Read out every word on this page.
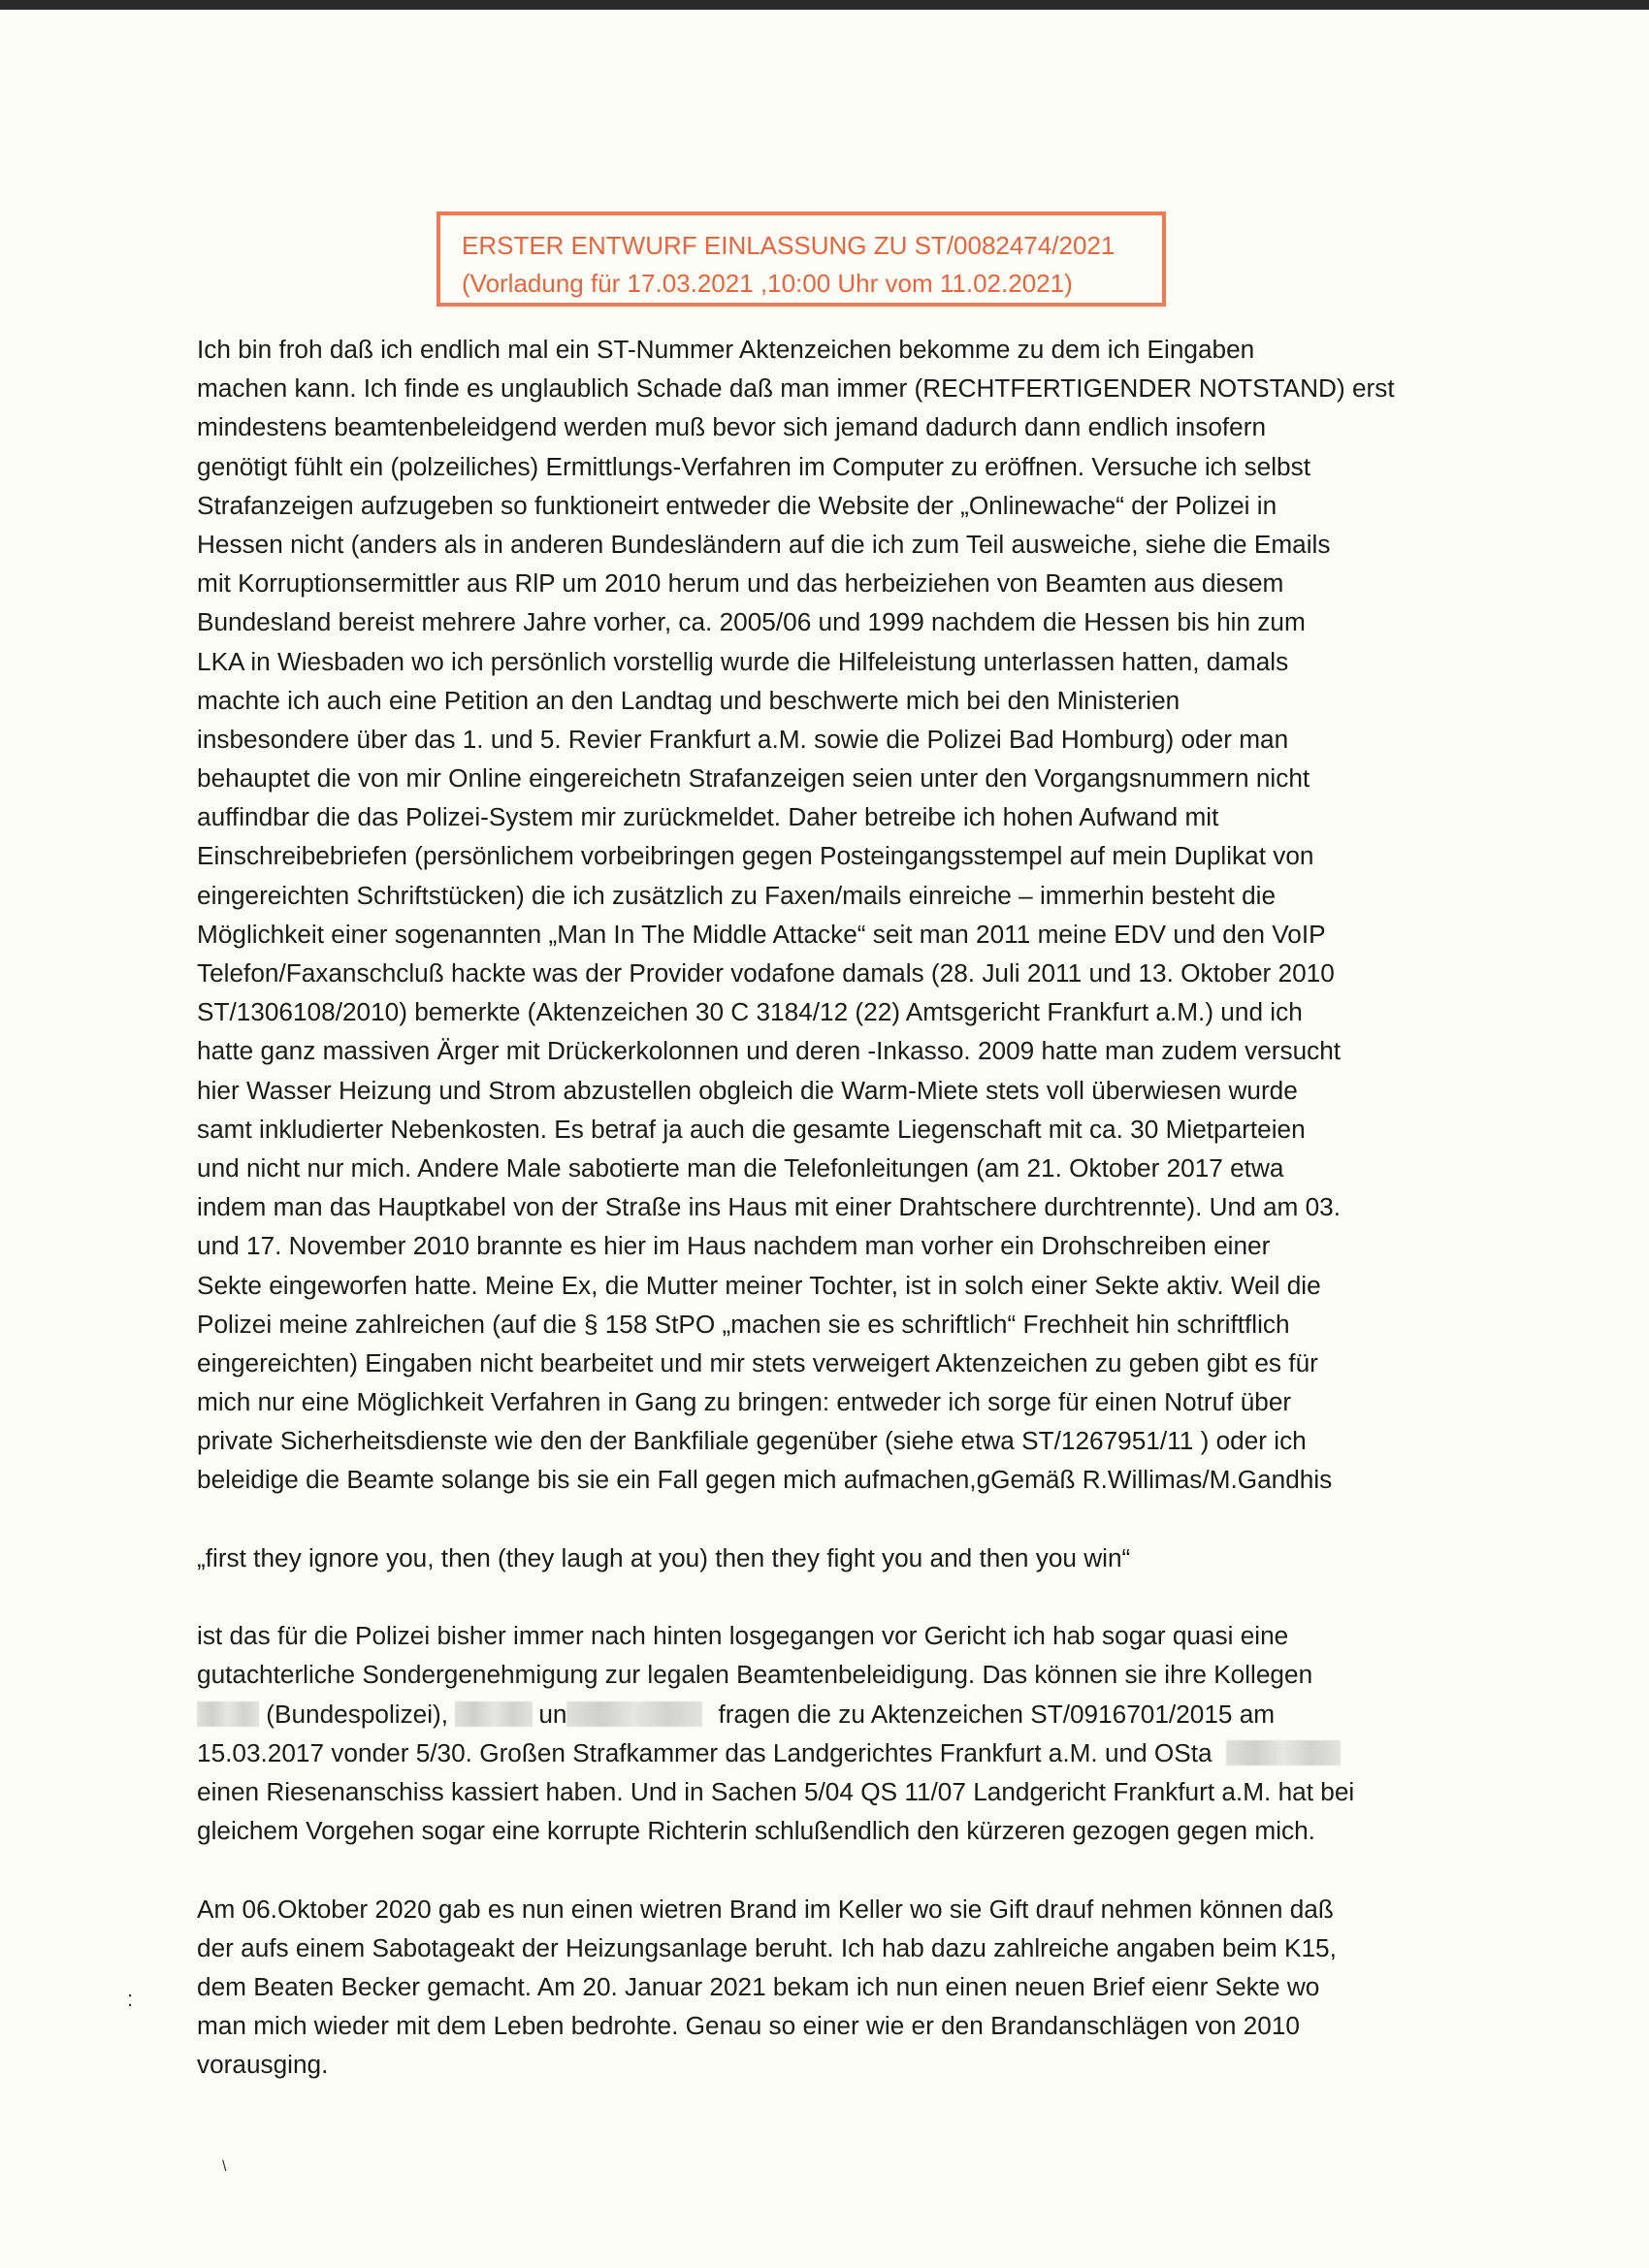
ERSTER ENTWURF EINLASSUNG ZU ST/0082474/2021
(Vorladung für 17.03.2021 ,10:00 Uhr vom 11.02.2021)
Ich bin froh daß ich endlich mal ein ST-Nummer Aktenzeichen bekomme zu dem ich Eingaben
machen kann. Ich finde es unglaublich Schade daß man immer (RECHTFERTIGENDER NOTSTAND) erst
mindestens beamtenbeleidgend werden muß bevor sich jemand dadurch dann endlich insofern
genötigt fühlt ein (polzeiliches) Ermittlungs-Verfahren im Computer zu eröffnen. Versuche ich selbst
Strafanzeigen aufzugeben so funktioneirt entweder die Website der „Onlinewache“ der Polizei in
Hessen nicht (anders als in anderen Bundesländern auf die ich zum Teil ausweiche, siehe die Emails
mit Korruptionsermittler aus RlP um 2010 herum und das herbeiziehen von Beamten aus diesem
Bundesland bereist mehrere Jahre vorher, ca. 2005/06 und 1999 nachdem die Hessen bis hin zum
LKA in Wiesbaden wo ich persönlich vorstellig wurde die Hilfeleistung unterlassen hatten, damals
machte ich auch eine Petition an den Landtag und beschwerte mich bei den Ministerien
insbesondere über das 1. und 5. Revier Frankfurt a.M. sowie die Polizei Bad Homburg) oder man
behauptet die von mir Online eingereichetn Strafanzeigen seien unter den Vorgangsnummern nicht
auffindbar die das Polizei-System mir zurückmeldet. Daher betreibe ich hohen Aufwand mit
Einschreibebriefen (persönlichem vorbeibringen gegen Posteingangsstempel auf mein Duplikat von
eingereichten Schriftstücken) die ich zusätzlich zu Faxen/mails einreiche – immerhin besteht die
Möglichkeit einer sogenannten „Man In The Middle Attacke“ seit man 2011 meine EDV und den VoIP
Telefon/Faxanschcluß hackte was der Provider vodafone damals (28. Juli 2011 und 13. Oktober 2010
ST/1306108/2010) bemerkte (Aktenzeichen 30 C 3184/12 (22) Amtsgericht Frankfurt a.M.) und ich
hatte ganz massiven Ärger mit Drückerkolonnen und deren -Inkasso. 2009 hatte man zudem versucht
hier Wasser Heizung und Strom abzustellen obgleich die Warm-Miete stets voll überwiesen wurde
samt inkludierter Nebenkosten. Es betraf ja auch die gesamte Liegenschaft mit ca. 30 Mietparteien
und nicht nur mich. Andere Male sabotierte man die Telefonleitungen (am 21. Oktober 2017 etwa
indem man das Hauptkabel von der Straße ins Haus mit einer Drahtschere durchtrennte). Und am 03.
und 17. November 2010 brannte es hier im Haus nachdem man vorher ein Drohschreiben einer
Sekte eingeworfen hatte. Meine Ex, die Mutter meiner Tochter, ist in solch einer Sekte aktiv. Weil die
Polizei meine zahlreichen (auf die § 158 StPO „machen sie es schriftlich“ Frechheit hin schriftflich
eingereichten) Eingaben nicht bearbeitet und mir stets verweigert Aktenzeichen zu geben gibt es für
mich nur eine Möglichkeit Verfahren in Gang zu bringen: entweder ich sorge für einen Notruf über
private Sicherheitsdienste wie den der Bankfiliale gegenüber (siehe etwa ST/1267951/11 ) oder ich
beleidige die Beamte solange bis sie ein Fall gegen mich aufmachen,gGemäß R.Willimas/M.Gandhis
„first they ignore you, then (they laugh at you) then they fight you and then you win“
ist das für die Polizei bisher immer nach hinten losgegangen vor Gericht ich hab sogar quasi eine
gutachterliche Sondergenehmigung zur legalen Beamtenbeleidigung. Das können sie ihre Kollegen
(Bundespolizei),	un	fragen die zu Aktenzeichen ST/0916701/2015 am
15.03.2017 vonder 5/30. Großen Strafkammer das Landgerichtes Frankfurt a.M. und OSta
einen Riesenanschiss kassiert haben. Und in Sachen 5/04 QS 11/07 Landgericht Frankfurt a.M. hat bei
gleichem Vorgehen sogar eine korrupte Richterin schlußendlich den kürzeren gezogen gegen mich.
Am 06.Oktober 2020 gab es nun einen wietren Brand im Keller wo sie Gift drauf nehmen können daß
der aufs einem Sabotageakt der Heizungsanlage beruht. Ich hab dazu zahlreiche angaben beim K15,
dem Beaten Becker gemacht. Am 20. Januar 2021 bekam ich nun einen neuen Brief eienr Sekte wo
man mich wieder mit dem Leben bedrohte. Genau so einer wie er den Brandanschlägen von 2010
vorausging.
:
\
